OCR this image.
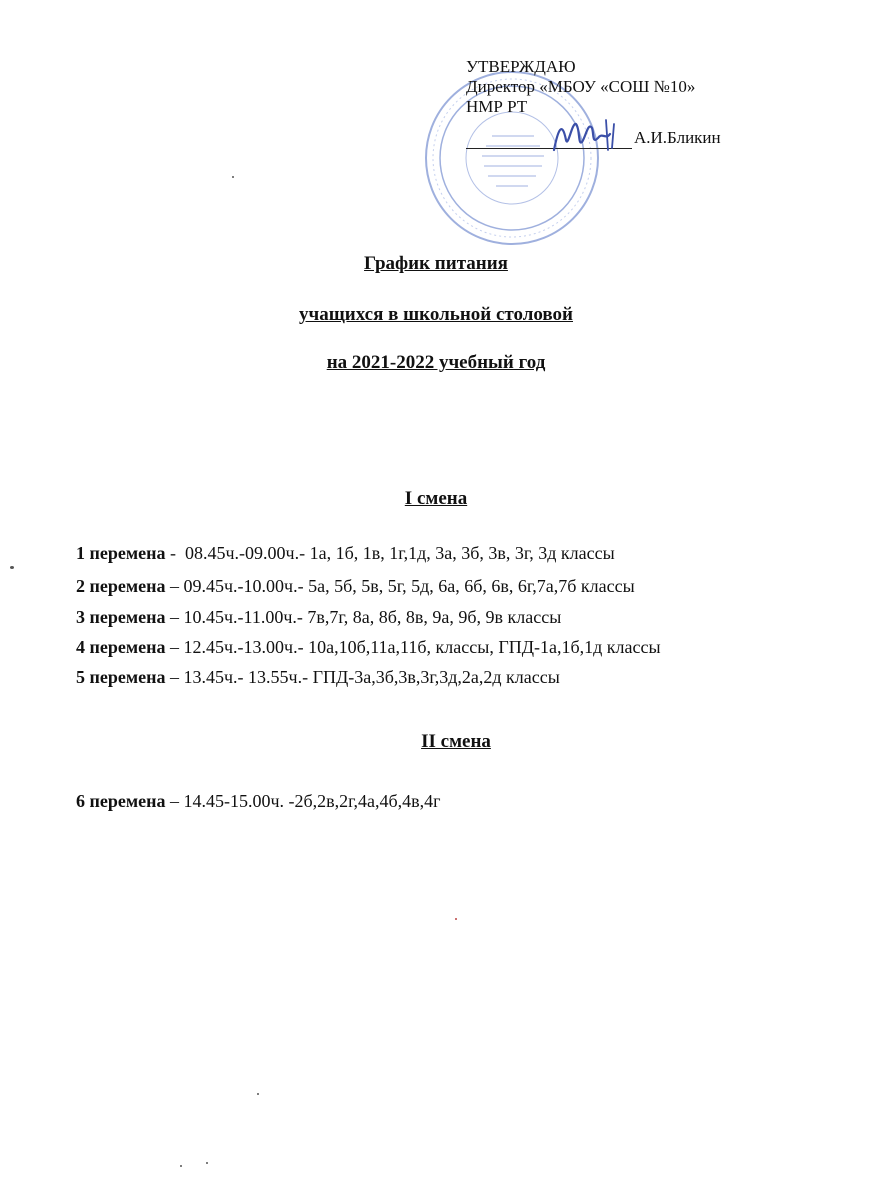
УТВЕРЖДАЮ
Директор «МБОУ «СОШ №10»
НМР РТ
А.И.Бликин
График питания
учащихся в школьной столовой
на 2021-2022 учебный год
I смена
1 перемена -  08.45ч.-09.00ч.- 1а, 1б, 1в, 1г,1д, 3а, 3б, 3в, 3г, 3д классы
2 перемена – 09.45ч.-10.00ч.- 5а, 5б, 5в, 5г, 5д, 6а, 6б, 6в, 6г,7а,7б классы
3 перемена – 10.45ч.-11.00ч.- 7в,7г, 8а, 8б, 8в, 9а, 9б, 9в классы
4 перемена – 12.45ч.-13.00ч.- 10а,10б,11а,11б, классы, ГПД-1а,1б,1д классы
5 перемена – 13.45ч.- 13.55ч.- ГПД-3а,3б,3в,3г,3д,2а,2д классы
II смена
6 перемена – 14.45-15.00ч. -2б,2в,2г,4а,4б,4в,4г
